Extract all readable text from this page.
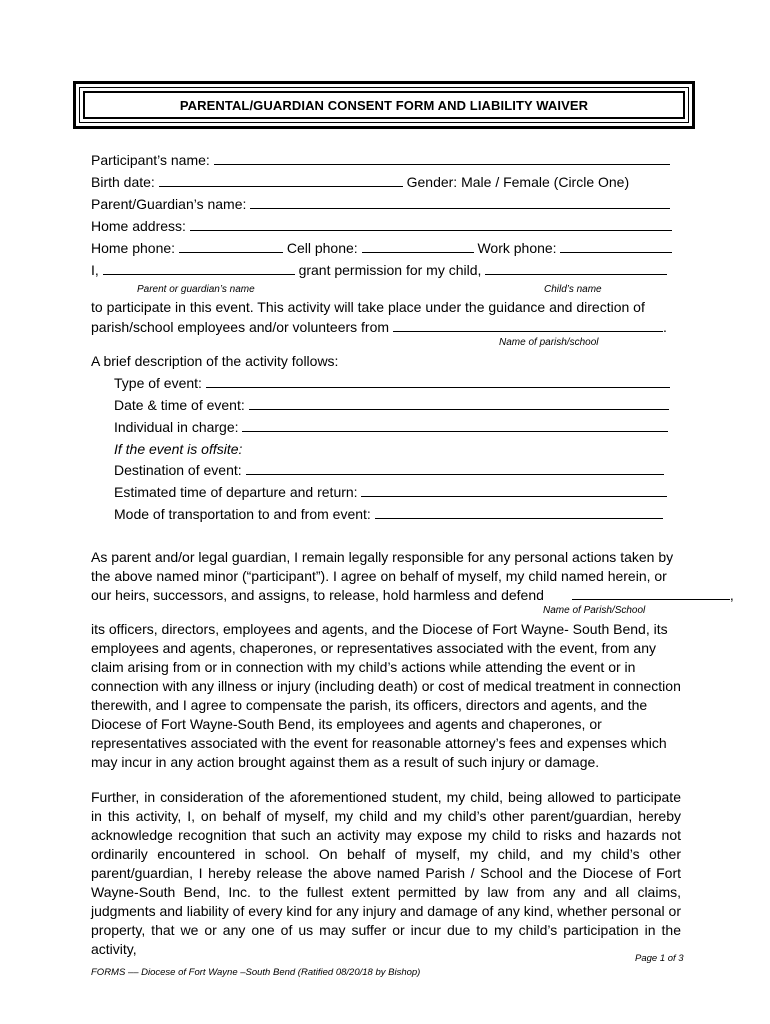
PARENTAL/GUARDIAN CONSENT FORM AND LIABILITY WAIVER
Participant’s name:
Birth date:	Gender: Male / Female (Circle One)
Parent/Guardian’s name:
Home address:
Home phone:	Cell phone:	Work phone:
I,	grant permission for my child,
Parent or guardian’s name	Child’s name
to participate in this event. This activity will take place under the guidance and direction of
parish/school employees and/or volunteers from	.
Name of parish/school
A brief description of the activity follows:
Type of event:
Date & time of event:
Individual in charge:
If the event is offsite:
Destination of event:
Estimated time of departure and return:
Mode of transportation to and from event:
As parent and/or legal guardian, I remain legally responsible for any personal actions taken by
the above named minor (“participant”). I agree on behalf of myself, my child named herein, or
our heirs, successors, and assigns, to release, hold harmless and defend	,
Name of Parish/School

its officers, directors, employees and agents, and the Diocese of Fort Wayne- South Bend, its employees and agents, chaperones, or representatives associated with the event, from any claim arising from or in connection with my child’s actions while attending the event or in connection with any illness or injury (including death) or cost of medical treatment in connection therewith, and I agree to compensate the parish, its officers, directors and agents, and the Diocese of Fort Wayne-South Bend, its employees and agents and chaperones, or representatives associated with the event for reasonable attorney’s fees and expenses which may incur in any action brought against them as a result of such injury or damage.

Further, in consideration of the aforementioned student, my child, being allowed to participate in this activity, I, on behalf of myself, my child and my child’s other parent/guardian, hereby acknowledge recognition that such an activity may expose my child to risks and hazards not ordinarily encountered in school. On behalf of myself, my child, and my child’s other parent/guardian, I hereby release the above named Parish / School and the Diocese of Fort Wayne-South Bend, Inc. to the fullest extent permitted by law from any and all claims, judgments and liability of every kind for any injury and damage of any kind, whether personal or property, that we or any one of us may suffer or incur due to my child’s participation in the activity,

Page 1 of 3
FORMS –– Diocese of Fort Wayne –South Bend (Ratified 08/20/18 by Bishop)
